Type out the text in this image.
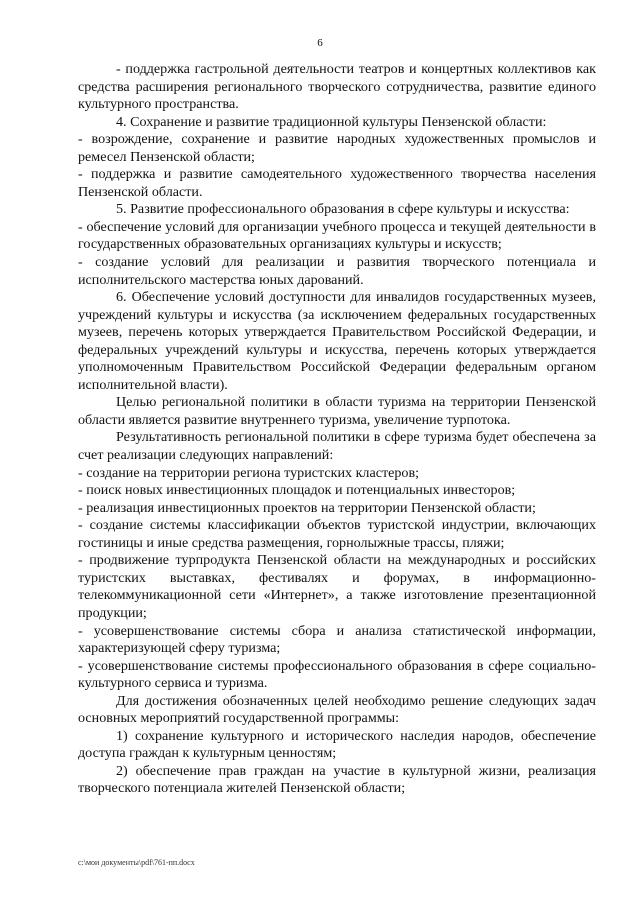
6

- поддержка гастрольной деятельности театров и концертных коллективов как средства расширения регионального творческого сотрудничества, развитие единого культурного пространства.

4. Сохранение и развитие традиционной культуры Пензенской области:

- возрождение, сохранение и развитие народных художественных промыслов и ремесел Пензенской области;

- поддержка и развитие самодеятельного художественного творчества населения Пензенской области.

5. Развитие профессионального образования в сфере культуры и искусства:

- обеспечение условий для организации учебного процесса и текущей деятельности в государственных образовательных организациях культуры и искусств;

- создание условий для реализации и развития творческого потенциала и исполнительского мастерства юных дарований.

6. Обеспечение условий доступности для инвалидов государственных музеев, учреждений культуры и искусства (за исключением федеральных государственных музеев, перечень которых утверждается Правительством Российской Федерации, и федеральных учреждений культуры и искусства, перечень которых утверждается уполномоченным Правительством Российской Федерации федеральным органом исполнительной власти).

Целью региональной политики в области туризма на территории Пензенской области является развитие внутреннего туризма, увеличение турпотока.

Результативность региональной политики в сфере туризма будет обеспечена за счет реализации следующих направлений:

- создание на территории региона туристских кластеров;

- поиск новых инвестиционных площадок и потенциальных инвесторов;

- реализация инвестиционных проектов на территории Пензенской области;

- создание системы классификации объектов туристской индустрии, включающих гостиницы и иные средства размещения, горнолыжные трассы, пляжи;

- продвижение турпродукта Пензенской области на международных и российских туристских выставках, фестивалях и форумах, в информационно-телекоммуникационной сети «Интернет», а также изготовление презентационной продукции;

- усовершенствование системы сбора и анализа статистической информации, характеризующей сферу туризма;

- усовершенствование системы профессионального образования в сфере социально-культурного сервиса и туризма.

Для достижения обозначенных целей необходимо решение следующих задач основных мероприятий государственной программы:

1) сохранение культурного и исторического наследия народов, обеспечение доступа граждан к культурным ценностям;

2) обеспечение прав граждан на участие в культурной жизни, реализация творческого потенциала жителей Пензенской области;

c:\мои документы\pdf\761-пп.docx
